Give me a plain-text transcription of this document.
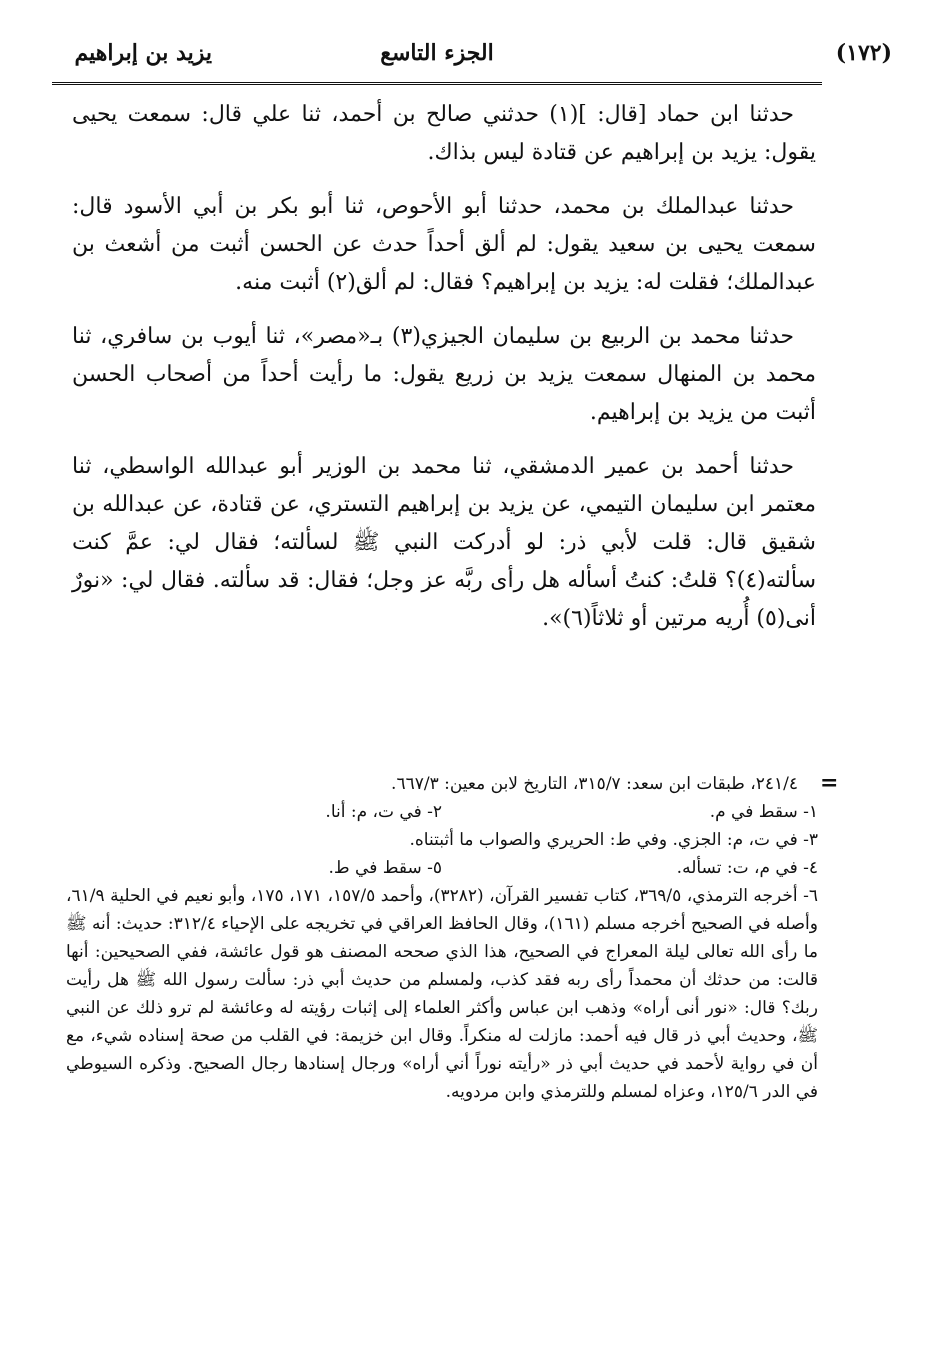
(١٧٢)
الجزء التاسع
يزيد بن إبراهيم

حدثنا ابن حماد [قال: ](١) حدثني صالح بن أحمد، ثنا علي قال: سمعت يحيى يقول: يزيد بن إبراهيم عن قتادة ليس بذاك.

حدثنا عبدالملك بن محمد، حدثنا أبو الأحوص، ثنا أبو بكر بن أبي الأسود قال: سمعت يحيى بن سعيد يقول: لم ألق أحداً حدث عن الحسن أثبت من أشعث بن عبدالملك؛ فقلت له: يزيد بن إبراهيم؟ فقال: لم ألق(٢) أثبت منه.

حدثنا محمد بن الربيع بن سليمان الجيزي(٣) بـ«مصر»، ثنا أيوب بن سافري، ثنا محمد بن المنهال سمعت يزيد بن زريع يقول: ما رأيت أحداً من أصحاب الحسن أثبت من يزيد بن إبراهيم.

حدثنا أحمد بن عمير الدمشقي، ثنا محمد بن الوزير أبو عبدالله الواسطي، ثنا معتمر ابن سليمان التيمي، عن يزيد بن إبراهيم التستري، عن قتادة، عن عبدالله بن شقيق قال: قلت لأبي ذر: لو أدركت النبي ﷺ لسألته؛ فقال لي: عمَّ كنت سألته(٤)؟ قلتُ: كنتُ أسأله هل رأى ربَّه عز وجل؛ فقال: قد سألته. فقال لي: «نورٌ أنى(٥) أُريه مرتين أو ثلاثاً(٦)».

=
٢٤١/٤، طبقات ابن سعد: ٣١٥/٧، التاريخ لابن معين: ٦٦٧/٣.
١- سقط في م.
٢- في ت، م: أنا.
٣- في ت، م: الجزي. وفي ط: الحريري والصواب ما أثبتناه.
٤- في م، ت: تسأله.
٥- سقط في ط.
٦- أخرجه الترمذي، ٣٦٩/٥، كتاب تفسير القرآن، (٣٢٨٢)، وأحمد ١٥٧/٥، ١٧١، ١٧٥، وأبو نعيم في الحلية ٦١/٩، وأصله في الصحيح أخرجه مسلم (١٦١)، وقال الحافظ العراقي في تخريجه على الإحياء ٣١٢/٤: حديث: أنه ﷺ ما رأى الله تعالى ليلة المعراج في الصحيح، هذا الذي صححه المصنف هو قول عائشة، ففي الصحيحين: أنها قالت: من حدثك أن محمداً رأى ربه فقد كذب، ولمسلم من حديث أبي ذر: سألت رسول الله ﷺ هل رأيت ربك؟ قال: «نور أنى أراه» وذهب ابن عباس وأكثر العلماء إلى إثبات رؤيته له وعائشة لم ترو ذلك عن النبي ﷺ، وحديث أبي ذر قال فيه أحمد: مازلت له منكراً. وقال ابن خزيمة: في القلب من صحة إسناده شيء، مع أن في رواية لأحمد في حديث أبي ذر «رأيته نوراً أني أراه» ورجال إسنادها رجال الصحيح. وذكره السيوطي في الدر ١٢٥/٦، وعزاه لمسلم وللترمذي وابن مردويه.
